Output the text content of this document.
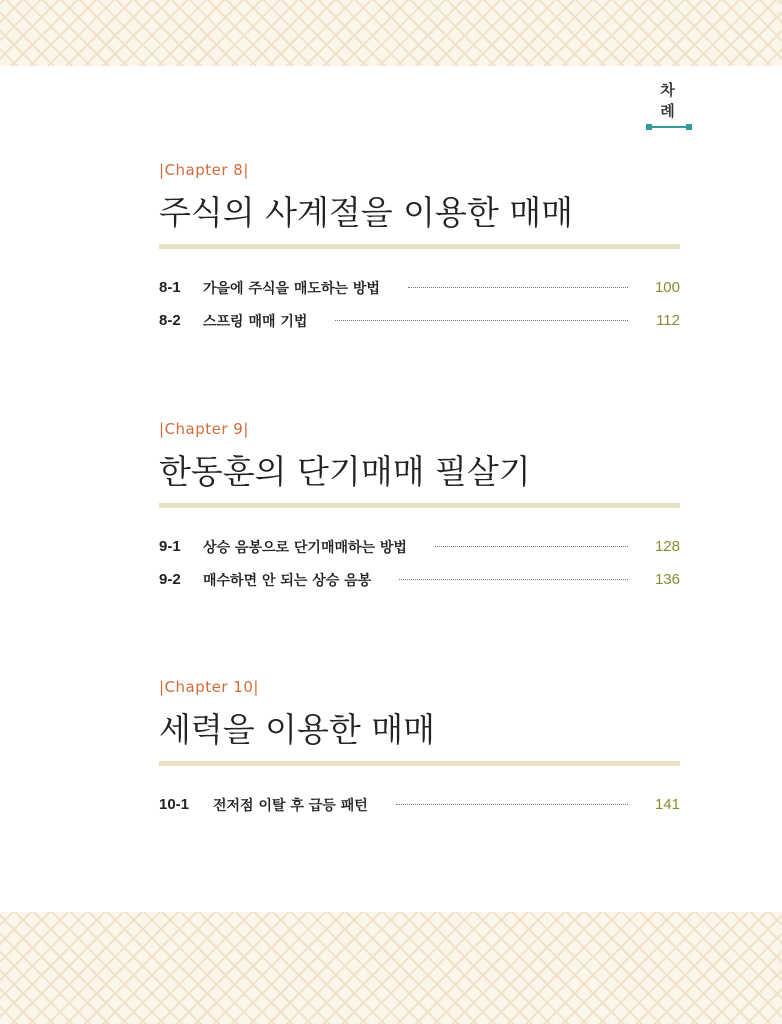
차 례
|Chapter 8|
주식의 사계절을 이용한 매매
8-1	가을에 주식을 매도하는 방법	100
8-2	스프링 매매 기법	112
|Chapter 9|
한동훈의 단기매매 필살기
9-1	상승 음봉으로 단기매매하는 방법	128
9-2	매수하면 안 되는 상승 음봉	136
|Chapter 10|
세력을 이용한 매매
10-1	전저점 이탈 후 급등 패턴	141
